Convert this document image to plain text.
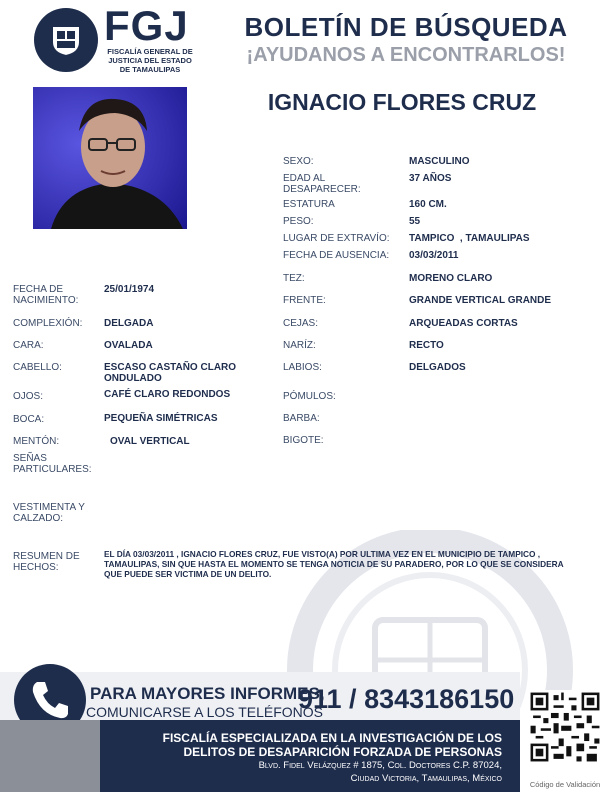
FGJ
FISCALÍA GENERAL DE JUSTICIA DEL ESTADO DE TAMAULIPAS
BOLETÍN DE BÚSQUEDA
¡AYUDANOS A ENCONTRARLOS!
IGNACIO FLORES CRUZ
SEXO:	MASCULINO
EDAD AL DESAPARECER:
37 AÑOS
ESTATURA	160 CM.
PESO:	55
LUGAR DE EXTRAVÍO:	TAMPICO  , TAMAULIPAS
FECHA DE AUSENCIA:	03/03/2011
TEZ:	MORENO CLARO
FRENTE:	GRANDE VERTICAL GRANDE
CEJAS:	ARQUEADAS CORTAS
NARÍZ:	RECTO
LABIOS:	DELGADOS
PÓMULOS:
BARBA:
BIGOTE:
FECHA DE NACIMIENTO:
25/01/1974
COMPLEXIÓN:	DELGADA
CARA:	OVALADA
CABELLO:	ESCASO CASTAÑO CLARO ONDULADO
OJOS:	CAFÉ CLARO REDONDOS
BOCA:	PEQUEÑA SIMÉTRICAS
MENTÓN:	OVAL VERTICAL
SEÑAS PARTICULARES:
VESTIMENTA Y CALZADO:
RESUMEN DE HECHOS:
EL DÍA 03/03/2011 , IGNACIO FLORES CRUZ, FUE VISTO(A) POR ULTIMA VEZ EN EL MUNICIPIO DE TAMPICO , TAMAULIPAS, SIN QUE HASTA EL MOMENTO SE TENGA NOTICIA DE SU PARADERO, POR LO QUE SE CONSIDERA QUE PUEDE SER VICTIMA DE UN DELITO.
PARA MAYORES INFORMES,
COMUNICARSE A LOS TELÉFONOS
911 / 8343186150
FISCALÍA ESPECIALIZADA EN LA INVESTIGACIÓN DE LOS
DELITOS DE DESAPARICIÓN FORZADA DE PERSONAS
Blvd. Fidel Velázquez # 1875, Col. Doctores C.P. 87024,
Ciudad Victoria, Tamaulipas, México
Código de Validación
